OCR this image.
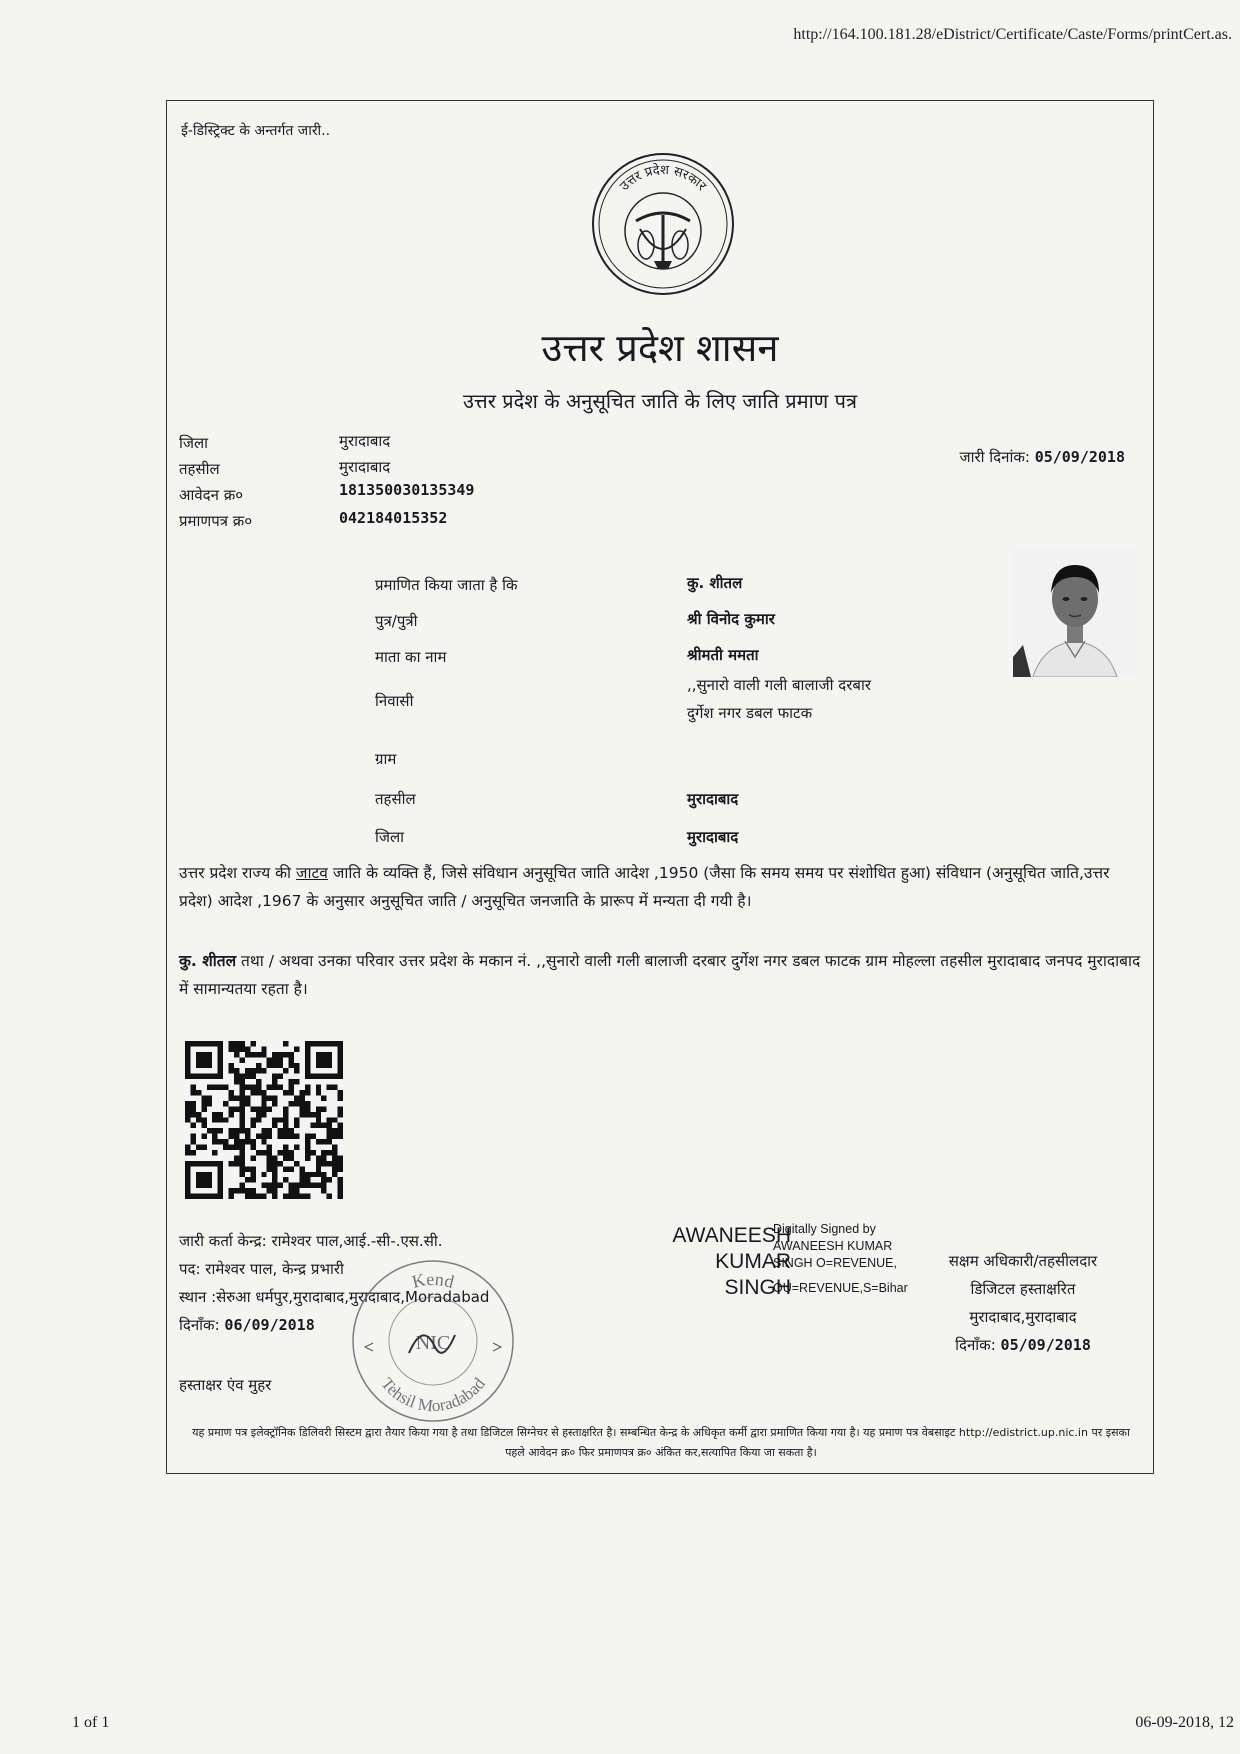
http://164.100.181.28/eDistrict/Certificate/Caste/Forms/printCert.as.
ई-डिस्ट्रिक्ट के अन्तर्गत जारी..
उत्तर प्रदेश सरकार
उत्तर प्रदेश शासन
उत्तर प्रदेश के अनुसूचित जाति के लिए जाति प्रमाण पत्र
जिला	मुरादाबाद
तहसील	मुरादाबाद
आवेदन क्र०	181350030135349
प्रमाणपत्र क्र०	042184015352
जारी दिनांक: 05/09/2018
प्रमाणित किया जाता है कि	कु. शीतल
पुत्र/पुत्री	श्री विनोद कुमार
माता का नाम	श्रीमती ममता
निवासी
,,सुनारो वाली गली बालाजी दरबार
दुर्गेश नगर डबल फाटक
ग्राम
तहसील	मुरादाबाद
जिला	मुरादाबाद
उत्तर प्रदेश राज्य की जाटव जाति के व्यक्ति हैं, जिसे संविधान अनुसूचित जाति आदेश ,1950 (जैसा कि समय समय पर संशोधित हुआ) संविधान (अनुसूचित जाति,उत्तर प्रदेश) आदेश ,1967 के अनुसार अनुसूचित जाति / अनुसूचित जनजाति के प्रारूप में मन्यता दी गयी है।
कु. शीतल तथा / अथवा उनका परिवार उत्तर प्रदेश के मकान नं. ,,सुनारो वाली गली बालाजी दरबार दुर्गेश नगर डबल फाटक ग्राम मोहल्ला तहसील मुरादाबाद जनपद मुरादाबाद में सामान्यतया रहता है।
जारी कर्ता केन्द्र: रामेश्वर पाल,आई.-सी-.एस.सी.
पद: रामेश्वर पाल, केन्द्र प्रभारी
स्थान :सेरुआ धर्मपुर,मुरादाबाद,मुरादाबाद,Moradabad
दिनाँक: 06/09/2018
हस्ताक्षर एंव मुहर
Kend
NIC
Tehsil Moradabad
AWANEESH
KUMAR
SINGH
Digitally Signed by
AWANEESH KUMAR
SINGH O=REVENUE,
OU=REVENUE,S=Bihar
सक्षम अधिकारी/तहसीलदार
डिजिटल हस्ताक्षरित
मुरादाबाद,मुरादाबाद
दिनाँक: 05/09/2018
यह प्रमाण पत्र इलेक्ट्रॉनिक डिलिवरी सिस्टम द्वारा तैयार किया गया है तथा डिजिटल सिग्नेचर से हस्ताक्षरित है। सम्बन्धित केन्द्र के अधिकृत कर्मी द्वारा प्रमाणित किया गया है। यह प्रमाण पत्र वेबसाइट http://edistrict.up.nic.in पर इसका पहले आवेदन क्र० फिर प्रमाणपत्र क्र० अंकित कर,सत्यापित किया जा सकता है।
1 of 1	06-09-2018, 12
